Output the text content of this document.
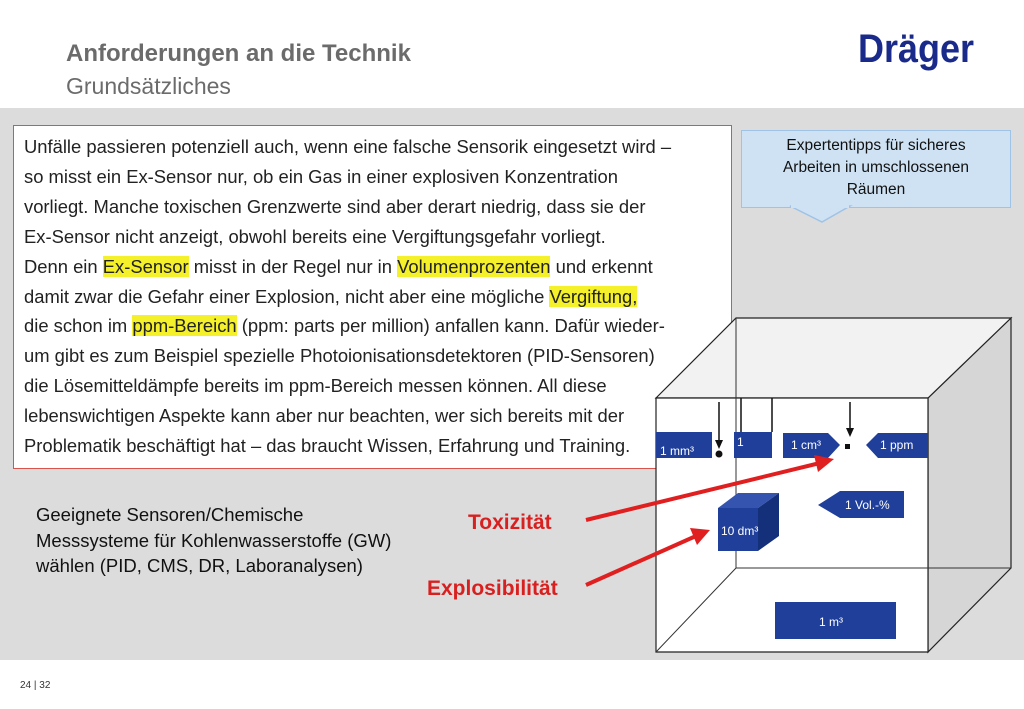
Anforderungen an die Technik
Grundsätzliches
Dräger
Unfälle passieren potenziell auch, wenn eine falsche Sensorik eingesetzt wird –
so misst ein Ex-Sensor nur, ob ein Gas in einer explosiven Konzentration
vorliegt. Manche toxischen Grenzwerte sind aber derart niedrig, dass sie der
Ex-Sensor nicht anzeigt, obwohl bereits eine Vergiftungsgefahr vorliegt.
Denn ein Ex-Sensor misst in der Regel nur in Volumenprozenten und erkennt
damit zwar die Gefahr einer Explosion, nicht aber eine mögliche Vergiftung,
die schon im ppm-Bereich (ppm: parts per million) anfallen kann. Dafür wieder-
um gibt es zum Beispiel spezielle Photoionisationsdetektoren (PID-Sensoren)
die Lösemitteldämpfe bereits im ppm-Bereich messen können. All diese
lebenswichtigen Aspekte kann aber nur beachten, wer sich bereits mit der
Problematik beschäftigt hat – das braucht Wissen, Erfahrung und Training.
Expertentipps für sicheres
Arbeiten in umschlossenen
Räumen
Geeignete Sensoren/Chemische
Messsysteme für Kohlenwasserstoffe (GW)
wählen (PID, CMS, DR, Laboranalysen)
1 mm³
1	1 cm³	1 ppm
1 Vol.-%
10 dm³
1 m³
Toxizität
Explosibilität
24 | 32
